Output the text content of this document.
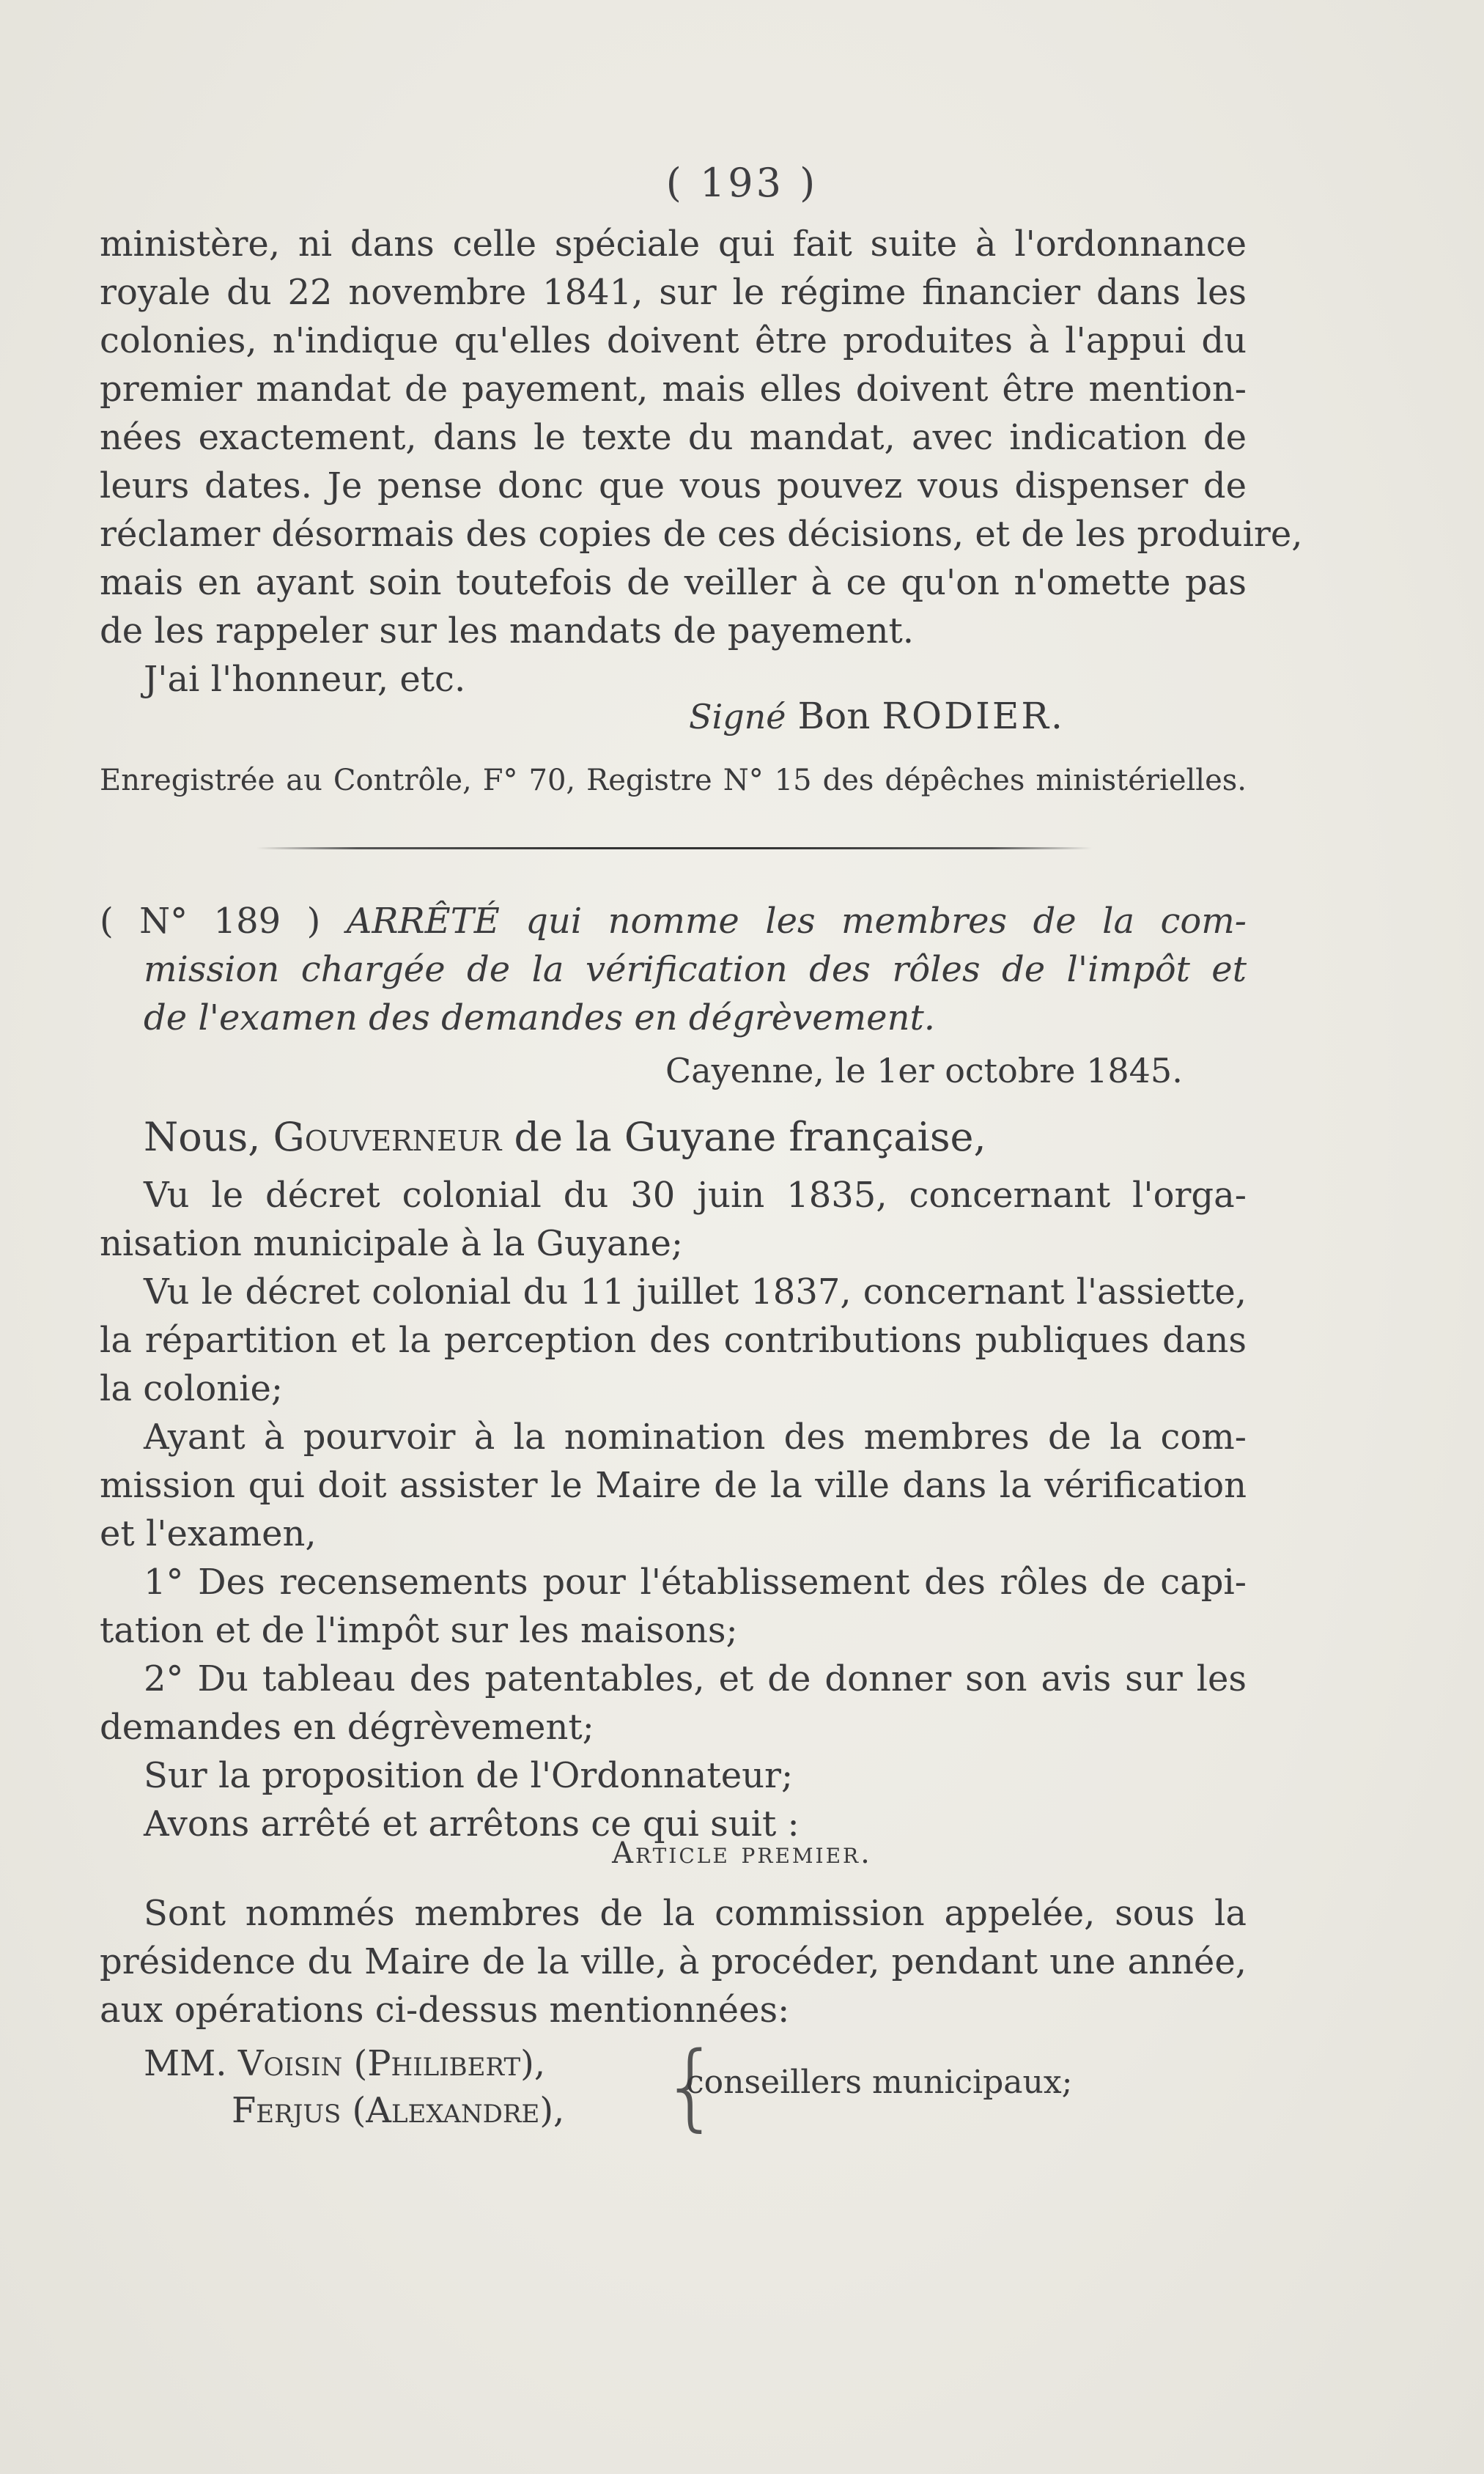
( 193 )
ministère, ni dans celle spéciale qui fait suite à l'ordonnance
royale du 22 novembre 1841, sur le régime financier dans les
colonies, n'indique qu'elles doivent être produites à l'appui du
premier mandat de payement, mais elles doivent être mention-
nées exactement, dans le texte du mandat, avec indication de
leurs dates. Je pense donc que vous pouvez vous dispenser de
réclamer désormais des copies de ces décisions, et de les produire,
mais en ayant soin toutefois de veiller à ce qu'on n'omette pas
de les rappeler sur les mandats de payement.
J'ai l'honneur, etc.
Signé Bon RODIER.
Enregistrée au Contrôle, F° 70, Registre N° 15 des dépêches ministérielles.
( N° 189 ) ARRÊTÉ qui nomme les membres de la com-
mission chargée de la vérification des rôles de l'impôt et
de l'examen des demandes en dégrèvement.
Cayenne, le 1er octobre 1845.
Nous, Gouverneur de la Guyane française,
Vu le décret colonial du 30 juin 1835, concernant l'orga-
nisation municipale à la Guyane;
Vu le décret colonial du 11 juillet 1837, concernant l'assiette,
la répartition et la perception des contributions publiques dans
la colonie;
Ayant à pourvoir à la nomination des membres de la com-
mission qui doit assister le Maire de la ville dans la vérification
et l'examen,
1° Des recensements pour l'établissement des rôles de capi-
tation et de l'impôt sur les maisons;
2° Du tableau des patentables, et de donner son avis sur les
demandes en dégrèvement;
Sur la proposition de l'Ordonnateur;
Avons arrêté et arrêtons ce qui suit :
Article premier.
Sont nommés membres de la commission appelée, sous la
présidence du Maire de la ville, à procéder, pendant une année,
aux opérations ci-dessus mentionnées:
MM. Voisin (Philibert),
Ferjus (Alexandre), {
conseillers municipaux;
